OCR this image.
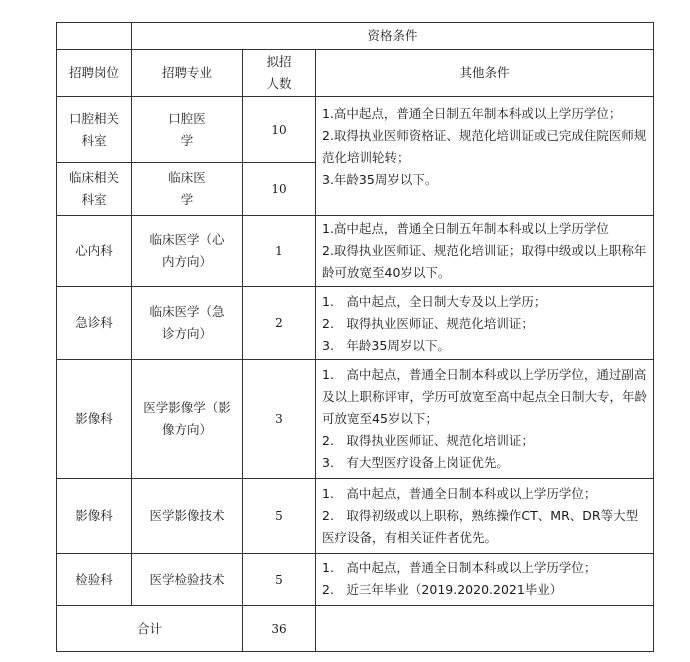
	资格条件		
招聘岗位	招聘专业	拟招人数	其他条件
口腔相关科室	口腔医学	10	1.高中起点，普通全日制五年制本科或以上学历学位；
2.取得执业医师资格证、规范化培训证或已完成住院医师规范化培训轮转；
3.年龄35周岁以下。

临床相关科室	临床医学	10	
心内科	临床医学（心内方向）	1	1.高中起点，普通全日制五年制本科或以上学历学位
2.取得执业医师证、规范化培训证；取得中级或以上职称年龄可放宽至40岁以下。

急诊科	临床医学（急诊方向）	2	1.　高中起点，全日制大专及以上学历；
2.　取得执业医师证、规范化培训证；
3.　年龄35周岁以下。

影像科	医学影像学（影像方向）	3	1.　高中起点，普通全日制本科或以上学历学位，通过副高及以上职称评审，学历可放宽至高中起点全日制大专，年龄可放宽至45岁以下；
2.　取得执业医师证、规范化培训证；
3.　有大型医疗设备上岗证优先。

影像科	医学影像技术	5	1.　高中起点，普通全日制本科或以上学历学位；
2.　取得初级或以上职称，熟练操作CT、MR、DR等大型医疗设备，有相关证件者优先。

检验科	医学检验技术	5	1.　高中起点，普通全日制本科或以上学历学位；
2.　近三年毕业（2019.2020.2021毕业）

合计		36	
